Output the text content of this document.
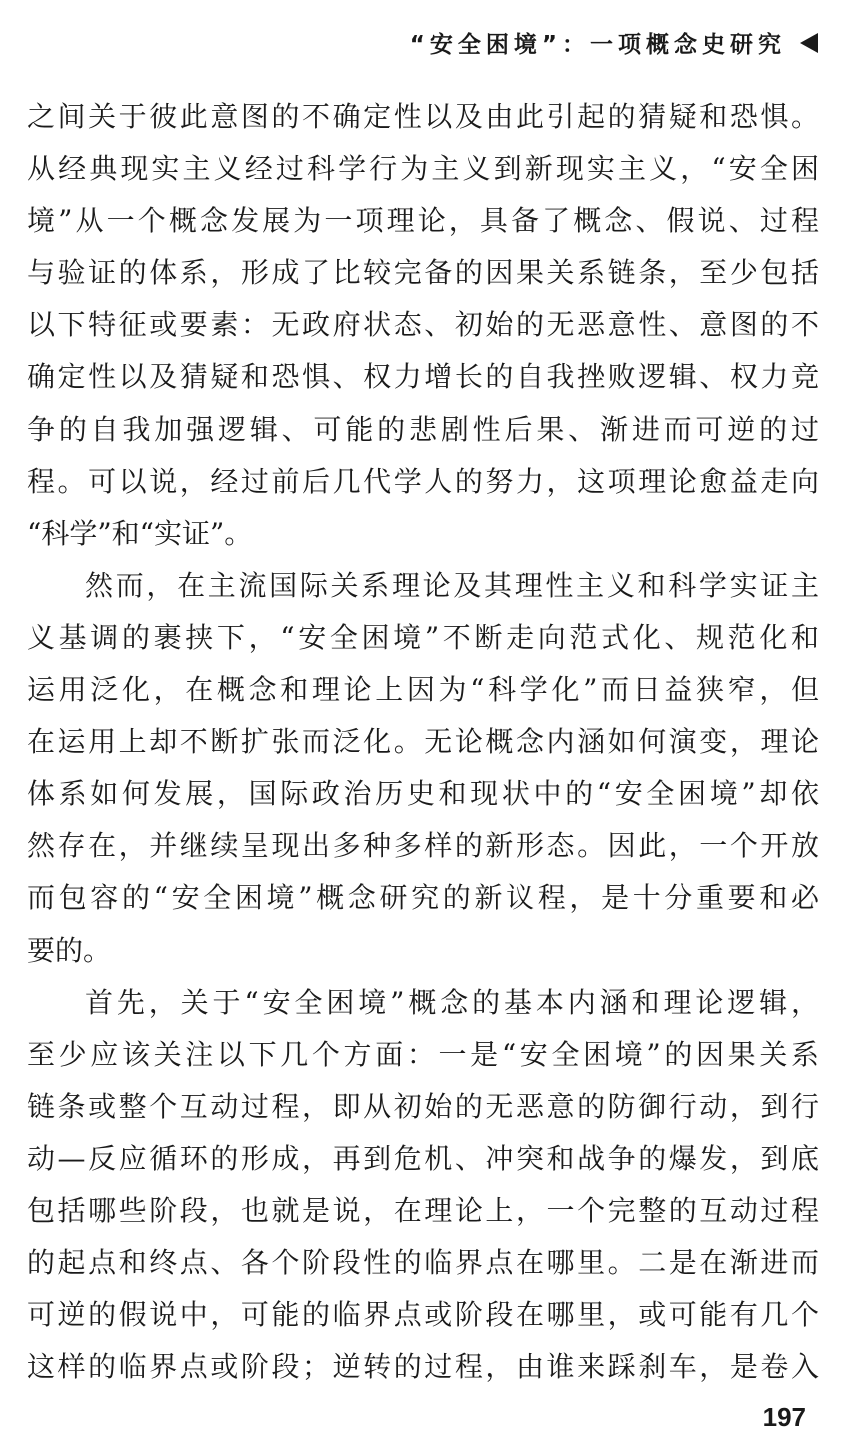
“安全困境”：一项概念史研究
之间关于彼此意图的不确定性以及由此引起的猜疑和恐惧。
从经典现实主义经过科学行为主义到新现实主义，“安全困
境”从一个概念发展为一项理论，具备了概念、假说、过程
与验证的体系，形成了比较完备的因果关系链条，至少包括
以下特征或要素：无政府状态、初始的无恶意性、意图的不
确定性以及猜疑和恐惧、权力增长的自我挫败逻辑、权力竞
争的自我加强逻辑、可能的悲剧性后果、渐进而可逆的过
程。可以说，经过前后几代学人的努力，这项理论愈益走向
“科学”和“实证”。
然而，在主流国际关系理论及其理性主义和科学实证主
义基调的裹挟下，“安全困境”不断走向范式化、规范化和
运用泛化，在概念和理论上因为“科学化”而日益狭窄，但
在运用上却不断扩张而泛化。无论概念内涵如何演变，理论
体系如何发展，国际政治历史和现状中的“安全困境”却依
然存在，并继续呈现出多种多样的新形态。因此，一个开放
而包容的“安全困境”概念研究的新议程，是十分重要和必
要的。
首先，关于“安全困境”概念的基本内涵和理论逻辑，
至少应该关注以下几个方面：一是“安全困境”的因果关系
链条或整个互动过程，即从初始的无恶意的防御行动，到行
动—反应循环的形成，再到危机、冲突和战争的爆发，到底
包括哪些阶段，也就是说，在理论上，一个完整的互动过程
的起点和终点、各个阶段性的临界点在哪里。二是在渐进而
可逆的假说中，可能的临界点或阶段在哪里，或可能有几个
这样的临界点或阶段；逆转的过程，由谁来踩刹车，是卷入
197
